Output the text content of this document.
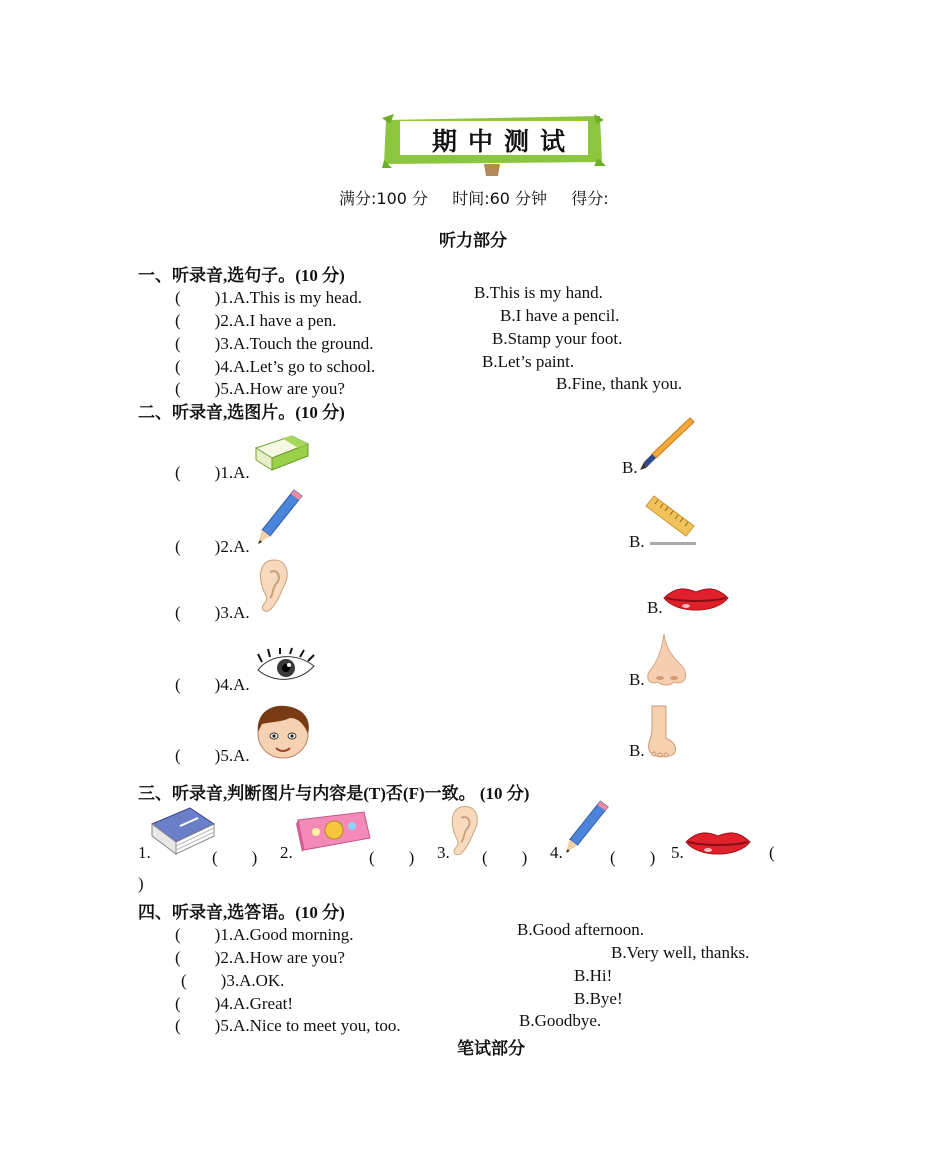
期中测试
满分:100 分 时间:60 分钟 得分:
听力部分
一、听录音,选句子。(10 分)
(　　)1.A.This is my head.	B.This is my hand.
(　　)2.A.I have a pen.	B.I have a pencil.
(　　)3.A.Touch the ground.	B.Stamp your foot.
(　　)4.A.Let’s go to school.	B.Let’s paint.
(　　)5.A.How are you?	B.Fine, thank you.
二、听录音,选图片。(10 分)
(　　)1.A.	B.
(　　)2.A.	B.
(　　)3.A.	B.
(　　)4.A.	B.
(　　)5.A.	B.
三、听录音,判断图片与内容是(T)否(F)一致。 (10 分)
1.	(　　) 2.	(　　) 3. (　　) 4.	(　　) 5.	(
)
四、听录音,选答语。(10 分)
(　　)1.A.Good morning.	B.Good afternoon.
(　　)2.A.How are you?	B.Very well, thanks.
(　　)3.A.OK.	B.Hi!
(　　)4.A.Great!	B.Bye!
(　　)5.A.Nice to meet you, too.	B.Goodbye.
笔试部分
